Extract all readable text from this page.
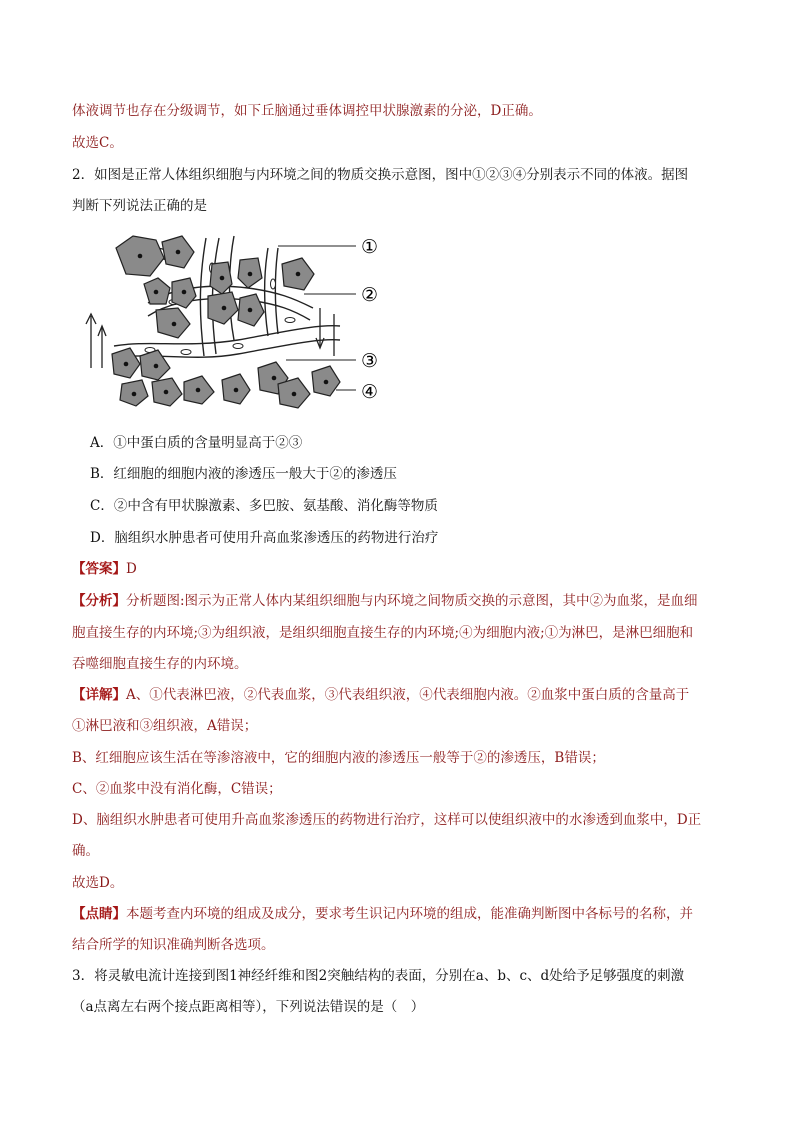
体液调节也存在分级调节，如下丘脑通过垂体调控甲状腺激素的分泌，D正确。
故选C。
2．如图是正常人体组织细胞与内环境之间的物质交换示意图，图中①②③④分别表示不同的体液。据图
判断下列说法正确的是
①
②
③
④
A．①中蛋白质的含量明显高于②③
B．红细胞的细胞内液的渗透压一般大于②的渗透压
C．②中含有甲状腺激素、多巴胺、氨基酸、消化酶等物质
D．脑组织水肿患者可使用升高血浆渗透压的药物进行治疗
【答案】D
【分析】分析题图:图示为正常人体内某组织细胞与内环境之间物质交换的示意图，其中②为血浆，是血细
胞直接生存的内环境;③为组织液，是组织细胞直接生存的内环境;④为细胞内液;①为淋巴，是淋巴细胞和
吞噬细胞直接生存的内环境。
【详解】A、①代表淋巴液，②代表血浆，③代表组织液，④代表细胞内液。②血浆中蛋白质的含量高于
①淋巴液和③组织液，A错误；
B、红细胞应该生活在等渗溶液中，它的细胞内液的渗透压一般等于②的渗透压，B错误；
C、②血浆中没有消化酶，C错误；
D、脑组织水肿患者可使用升高血浆渗透压的药物进行治疗，这样可以使组织液中的水渗透到血浆中，D正
确。
故选D。
【点睛】本题考查内环境的组成及成分，要求考生识记内环境的组成，能准确判断图中各标号的名称，并
结合所学的知识准确判断各选项。
3．将灵敏电流计连接到图1神经纤维和图2突触结构的表面，分别在a、b、c、d处给予足够强度的刺激
（a点离左右两个接点距离相等），下列说法错误的是（　）
